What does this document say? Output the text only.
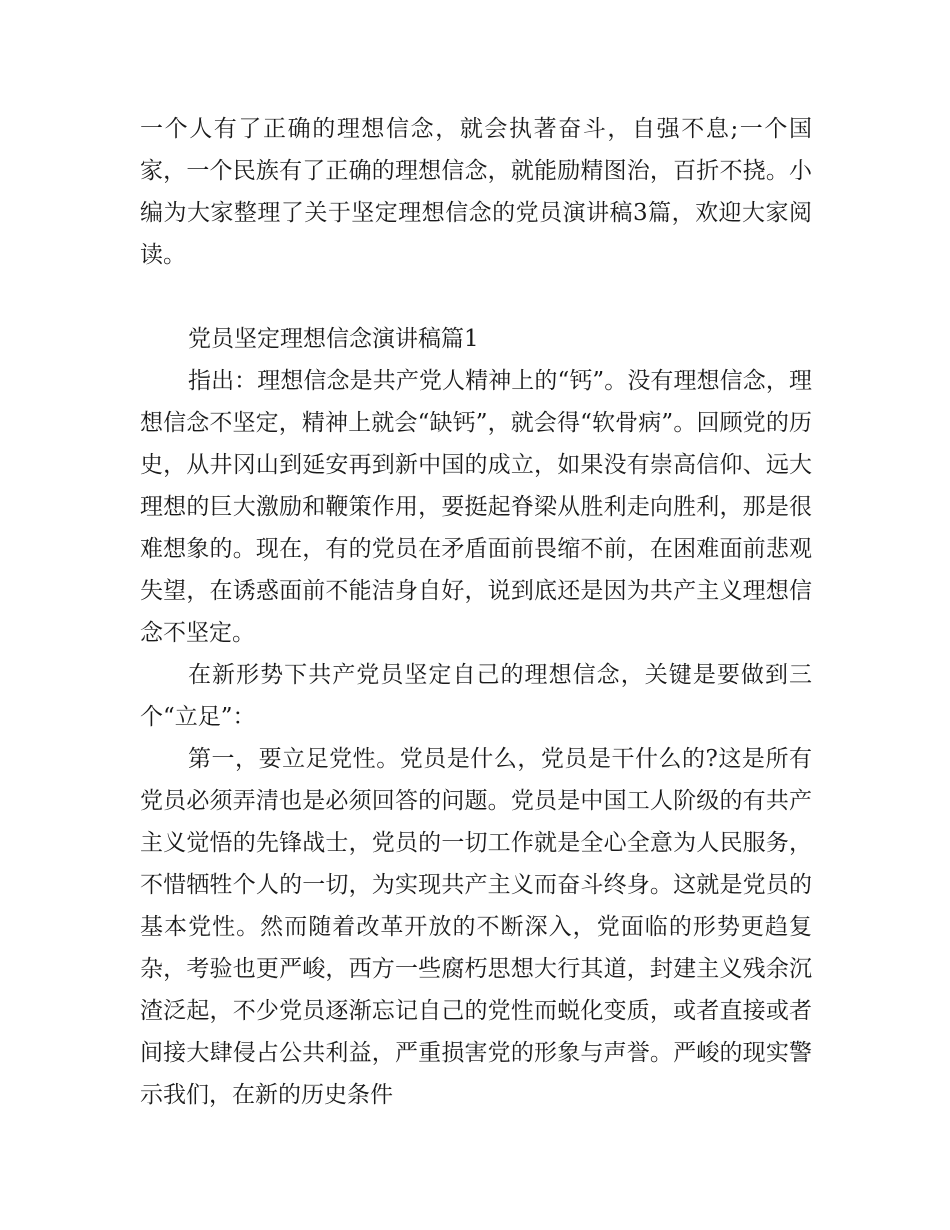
一个人有了正确的理想信念，就会执著奋斗，自强不息;一个国家，一个民族有了正确的理想信念，就能励精图治，百折不挠。小编为大家整理了关于坚定理想信念的党员演讲稿3篇，欢迎大家阅读。

党员坚定理想信念演讲稿篇1

指出：理想信念是共产党人精神上的“钙”。没有理想信念，理想信念不坚定，精神上就会“缺钙”，就会得“软骨病”。回顾党的历史，从井冈山到延安再到新中国的成立，如果没有崇高信仰、远大理想的巨大激励和鞭策作用，要挺起脊梁从胜利走向胜利，那是很难想象的。现在，有的党员在矛盾面前畏缩不前，在困难面前悲观失望，在诱惑面前不能洁身自好，说到底还是因为共产主义理想信念不坚定。

在新形势下共产党员坚定自己的理想信念，关键是要做到三个“立足”：

第一，要立足党性。党员是什么，党员是干什么的?这是所有党员必须弄清也是必须回答的问题。党员是中国工人阶级的有共产主义觉悟的先锋战士，党员的一切工作就是全心全意为人民服务，不惜牺牲个人的一切，为实现共产主义而奋斗终身。这就是党员的基本党性。然而随着改革开放的不断深入，党面临的形势更趋复杂，考验也更严峻，西方一些腐朽思想大行其道，封建主义残余沉渣泛起，不少党员逐渐忘记自己的党性而蜕化变质，或者直接或者间接大肆侵占公共利益，严重损害党的形象与声誉。严峻的现实警示我们，在新的历史条件
